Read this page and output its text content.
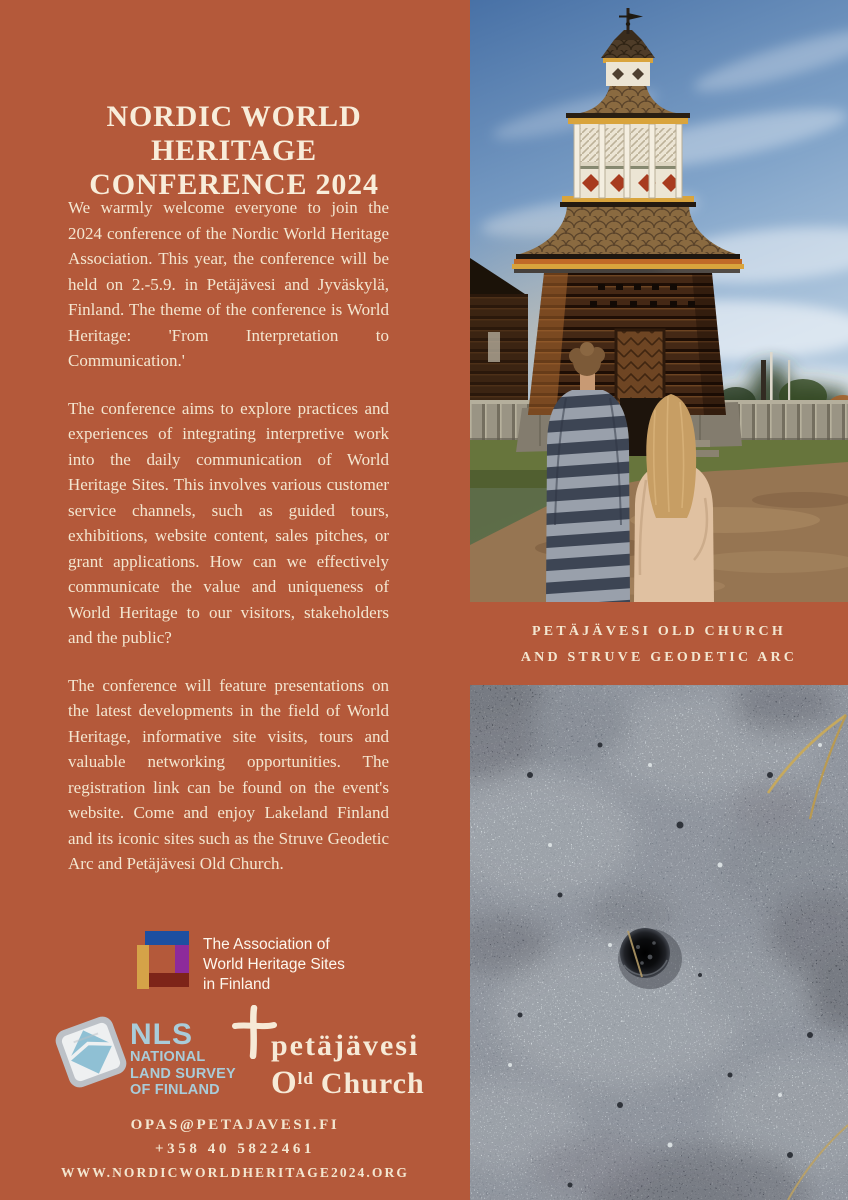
NORDIC WORLD
HERITAGE
CONFERENCE 2024

We warmly welcome everyone to join the 2024 conference of the Nordic World Heritage Association. This year, the conference will be held on 2.-5.9. in Petäjävesi and Jyväskylä, Finland. The theme of the conference is World Heritage: 'From Interpretation to Communication.'

The conference aims to explore practices and experiences of integrating interpretive work into the daily communication of World Heritage Sites. This involves various customer service channels, such as guided tours, exhibitions, website content, sales pitches, or grant applications. How can we effectively communicate the value and uniqueness of World Heritage to our visitors, stakeholders and the public?

The conference will feature presentations on the latest developments in the field of World Heritage, informative site visits, tours and valuable networking opportunities. The registration link can be found on the event's website. Come and enjoy Lakeland Finland and its iconic sites such as the Struve Geodetic Arc and Petäjävesi Old Church.

The Association of
World Heritage Sites
in Finland
NLS
NATIONAL
LAND SURVEY
OF FINLAND
petäjävesi
Old Church
OPAS@PETAJAVESI.FI
+358 40 5822461
WWW.NORDICWORLDHERITAGE2024.ORG
PETÄJÄVESI OLD CHURCH
AND STRUVE GEODETIC ARC
